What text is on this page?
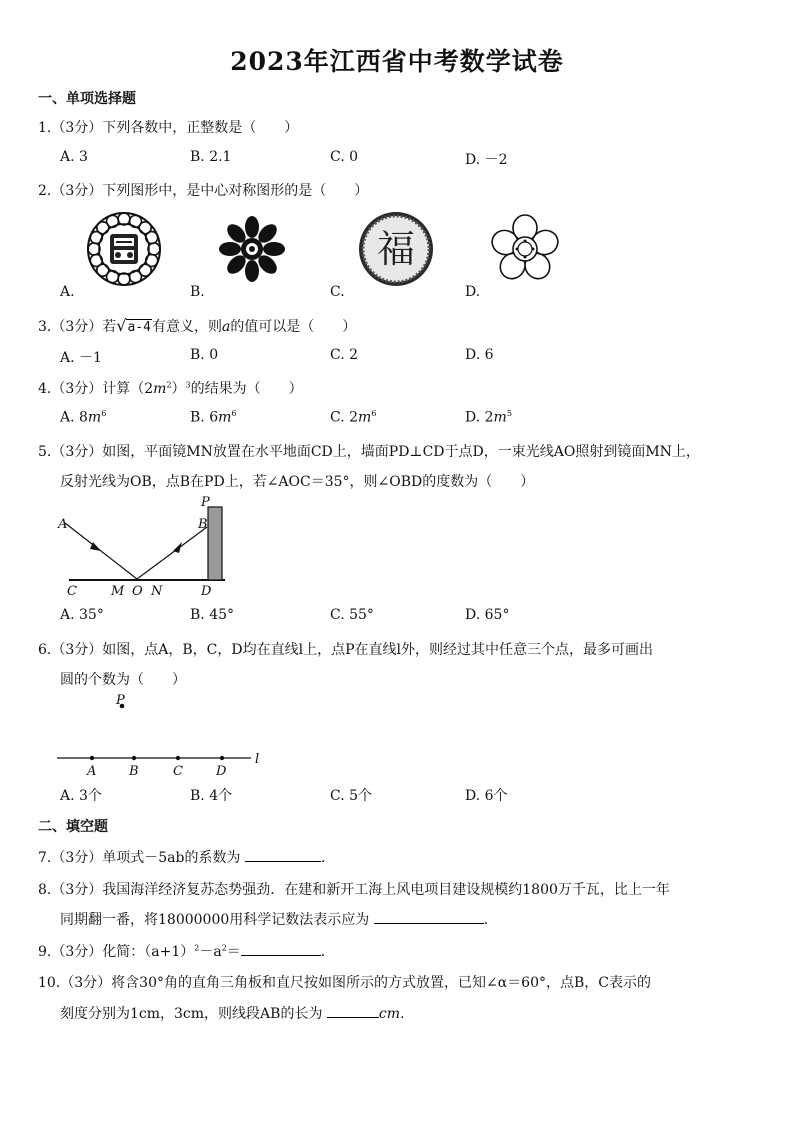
2023年江西省中考数学试卷
一、单项选择题
1.（3分）下列各数中，正整数是（　　）
A. 3	B. 2.1	C. 0	D. －2
2.（3分）下列图形中，是中心对称图形的是（　　）
福
A.	B.	C.	D.
3.（3分）若√a-4有意义，则a的值可以是（　　）
A. －1	B. 0	C. 2	D. 6
4.（3分）计算$(2m^2)^3$的结果为（　　）
A. $8m^6$	B. $6m^6$	C. $2m^6$	D. $2m^5$
5.（3分）如图，平面镜MN放置在水平地面CD上，墙面PD⊥CD于点D，一束光线AO照射到镜面MN上，
反射光线为OB，点B在PD上，若∠AOC＝35°，则∠OBD的度数为（　　）
A	B
P
C	M O N	D
A. 35°	B. 45°	C. 55°	D. 65°
6.（3分）如图，点A，B，C，D均在直线l上，点P在直线l外，则经过其中任意三个点，最多可画出
圆的个数为（　　）
P
A	B	C	D
l
A. 3个	B. 4个	C. 5个	D. 6个
二、填空题
7.（3分）单项式－5ab的系数为	.
8.（3分）我国海洋经济复苏态势强劲．在建和新开工海上风电项目建设规模约1800万千瓦，比上一年
同期翻一番，将18000000用科学记数法表示应为	.
9.（3分）化简：$(a+1)^2-a^2=$	.
10.（3分）将含30°角的直角三角板和直尺按如图所示的方式放置，已知∠α＝60°，点B，C表示的
刻度分别为1cm，3cm，则线段AB的长为	cm.
